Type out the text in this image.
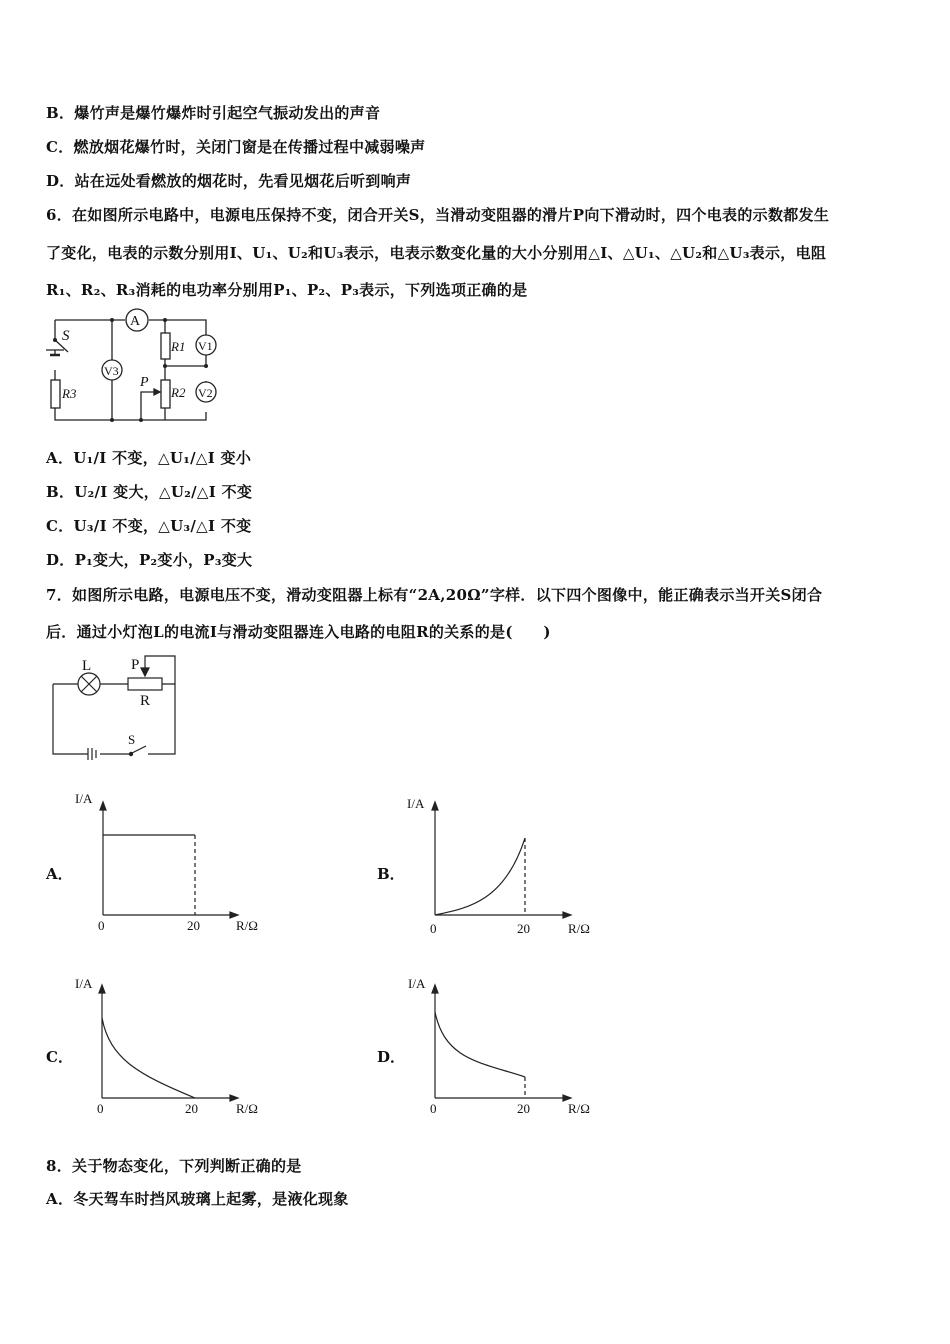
B．爆竹声是爆竹爆炸时引起空气振动发出的声音
C．燃放烟花爆竹时，关闭门窗是在传播过程中减弱噪声
D．站在远处看燃放的烟花时，先看见烟花后听到响声
6．在如图所示电路中，电源电压保持不变，闭合开关S，当滑动变阻器的滑片P向下滑动时，四个电表的示数都发生
了变化，电表的示数分别用I、U₁、U₂和U₃表示，电表示数变化量的大小分别用△I、△U₁、△U₂和△U₃表示，电阻
R₁、R₂、R₃消耗的电功率分别用P₁、P₂、P₃表示，下列选项正确的是
S
A
V3
V1
V2
R1
R2
R3
P
L	P
R
S
I/A
0	20	R/Ω
I/A
0	20	R/Ω
I/A
0	20	R/Ω
I/A
0	20	R/Ω
A．U₁/I 不变，△U₁/△I 变小
B．U₂/I 变大，△U₂/△I 不变
C．U₃/I 不变，△U₃/△I 不变
D．P₁变大，P₂变小，P₃变大
7．如图所示电路，电源电压不变，滑动变阻器上标有“2A,20Ω”字样．以下四个图像中，能正确表示当开关S闭合
后．通过小灯泡L的电流I与滑动变阻器连入电路的电阻R的关系的是(　　)
A．	B．
C．	D．
8．关于物态变化，下列判断正确的是
A．冬天驾车时挡风玻璃上起雾，是液化现象
